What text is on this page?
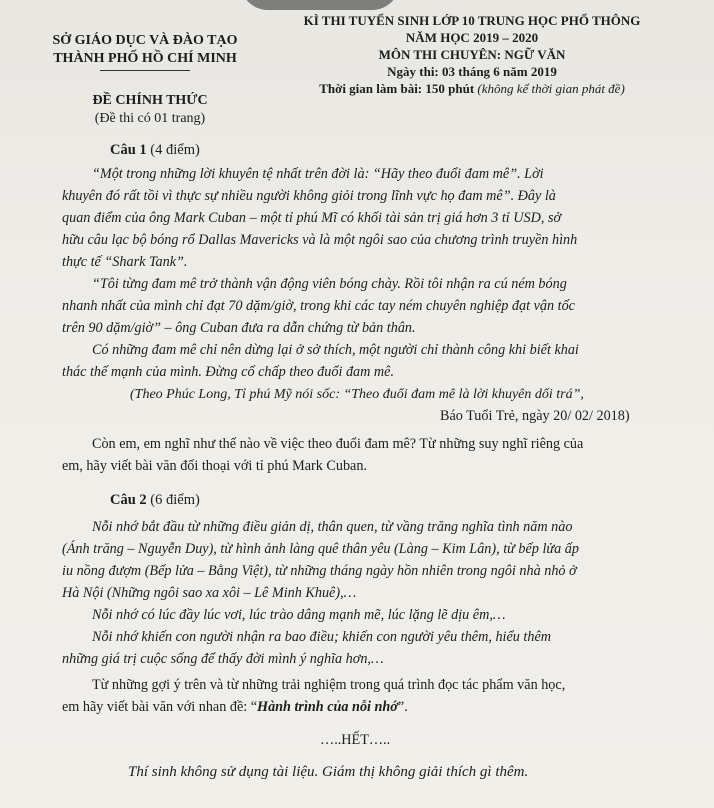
SỞ GIÁO DỤC VÀ ĐÀO TẠO
THÀNH PHỐ HỒ CHÍ MINH
KÌ THI TUYỂN SINH LỚP 10 TRUNG HỌC PHỔ THÔNG
NĂM HỌC 2019 – 2020
MÔN THI CHUYÊN: NGỮ VĂN
Ngày thi: 03 tháng 6 năm 2019
Thời gian làm bài: 150 phút (không kể thời gian phát đề)
ĐỀ CHÍNH THỨC
(Đề thi có 01 trang)
Câu 1 (4 điểm)
“Một trong những lời khuyên tệ nhất trên đời là: “Hãy theo đuổi đam mê”. Lời
khuyên đó rất tồi vì thực sự nhiều người không giỏi trong lĩnh vực họ đam mê”. Đây là
quan điểm của ông Mark Cuban – một tỉ phú Mĩ có khối tài sản trị giá hơn 3 tỉ USD, sở
hữu câu lạc bộ bóng rổ Dallas Mavericks và là một ngôi sao của chương trình truyền hình
thực tế “Shark Tank”.
“Tôi từng đam mê trở thành vận động viên bóng chày. Rồi tôi nhận ra cú ném bóng
nhanh nhất của mình chỉ đạt 70 dặm/giờ, trong khi các tay ném chuyên nghiệp đạt vận tốc
trên 90 dặm/giờ” – ông Cuban đưa ra dẫn chứng từ bản thân.
Có những đam mê chỉ nên dừng lại ở sở thích, một người chỉ thành công khi biết khai
thác thế mạnh của mình. Đừng cố chấp theo đuổi đam mê.
(Theo Phúc Long, Tỉ phú Mỹ nói sốc: “Theo đuổi đam mê là lời khuyên dối trá”,
Báo Tuổi Trẻ, ngày 20/ 02/ 2018)
Còn em, em nghĩ như thế nào về việc theo đuổi đam mê? Từ những suy nghĩ riêng của
em, hãy viết bài văn đối thoại với tỉ phú Mark Cuban.
Câu 2 (6 điểm)
Nỗi nhớ bắt đầu từ những điều giản dị, thân quen, từ vầng trăng nghĩa tình năm nào
(Ánh trăng – Nguyễn Duy), từ hình ảnh làng quê thân yêu (Làng – Kim Lân), từ bếp lửa ấp
iu nồng đượm (Bếp lửa – Bằng Việt), từ những tháng ngày hồn nhiên trong ngôi nhà nhỏ ở
Hà Nội (Những ngôi sao xa xôi – Lê Minh Khuê),…
Nỗi nhớ có lúc đầy lúc vơi, lúc trào dâng mạnh mẽ, lúc lặng lẽ dịu êm,…
Nỗi nhớ khiến con người nhận ra bao điều; khiến con người yêu thêm, hiểu thêm
những giá trị cuộc sống để thấy đời mình ý nghĩa hơn,…
Từ những gợi ý trên và từ những trải nghiệm trong quá trình đọc tác phẩm văn học,
em hãy viết bài văn với nhan đề: “Hành trình của nỗi nhớ”.
…..HẾT…..
Thí sinh không sử dụng tài liệu. Giám thị không giải thích gì thêm.
